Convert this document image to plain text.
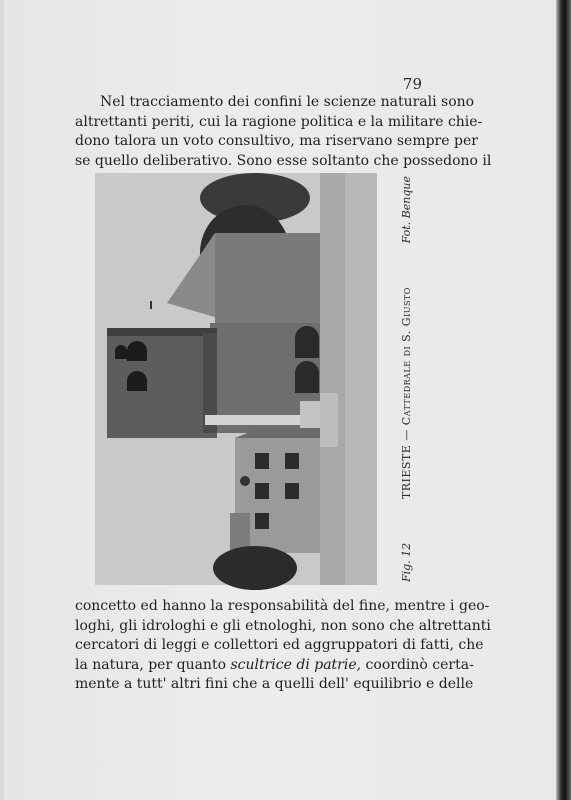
79
Nel tracciamento dei confini le scienze naturali sono
altrettanti periti, cui la ragione politica e la militare chie-
dono talora un voto consultivo, ma riservano sempre per
se quello deliberativo. Sono esse soltanto che possedono il
Fig. 12
TRIESTE — Cattedrale di S. Giusto
Fot. Benque
concetto ed hanno la responsabilità del fine, mentre i geo-
loghi, gli idrologhi e gli etnologhi, non sono che altrettanti
cercatori di leggi e collettori ed aggruppatori di fatti, che
la natura, per quanto scultrice di patrie, coordinò certa-
mente a tutt' altri fini che a quelli dell' equilibrio e delle
